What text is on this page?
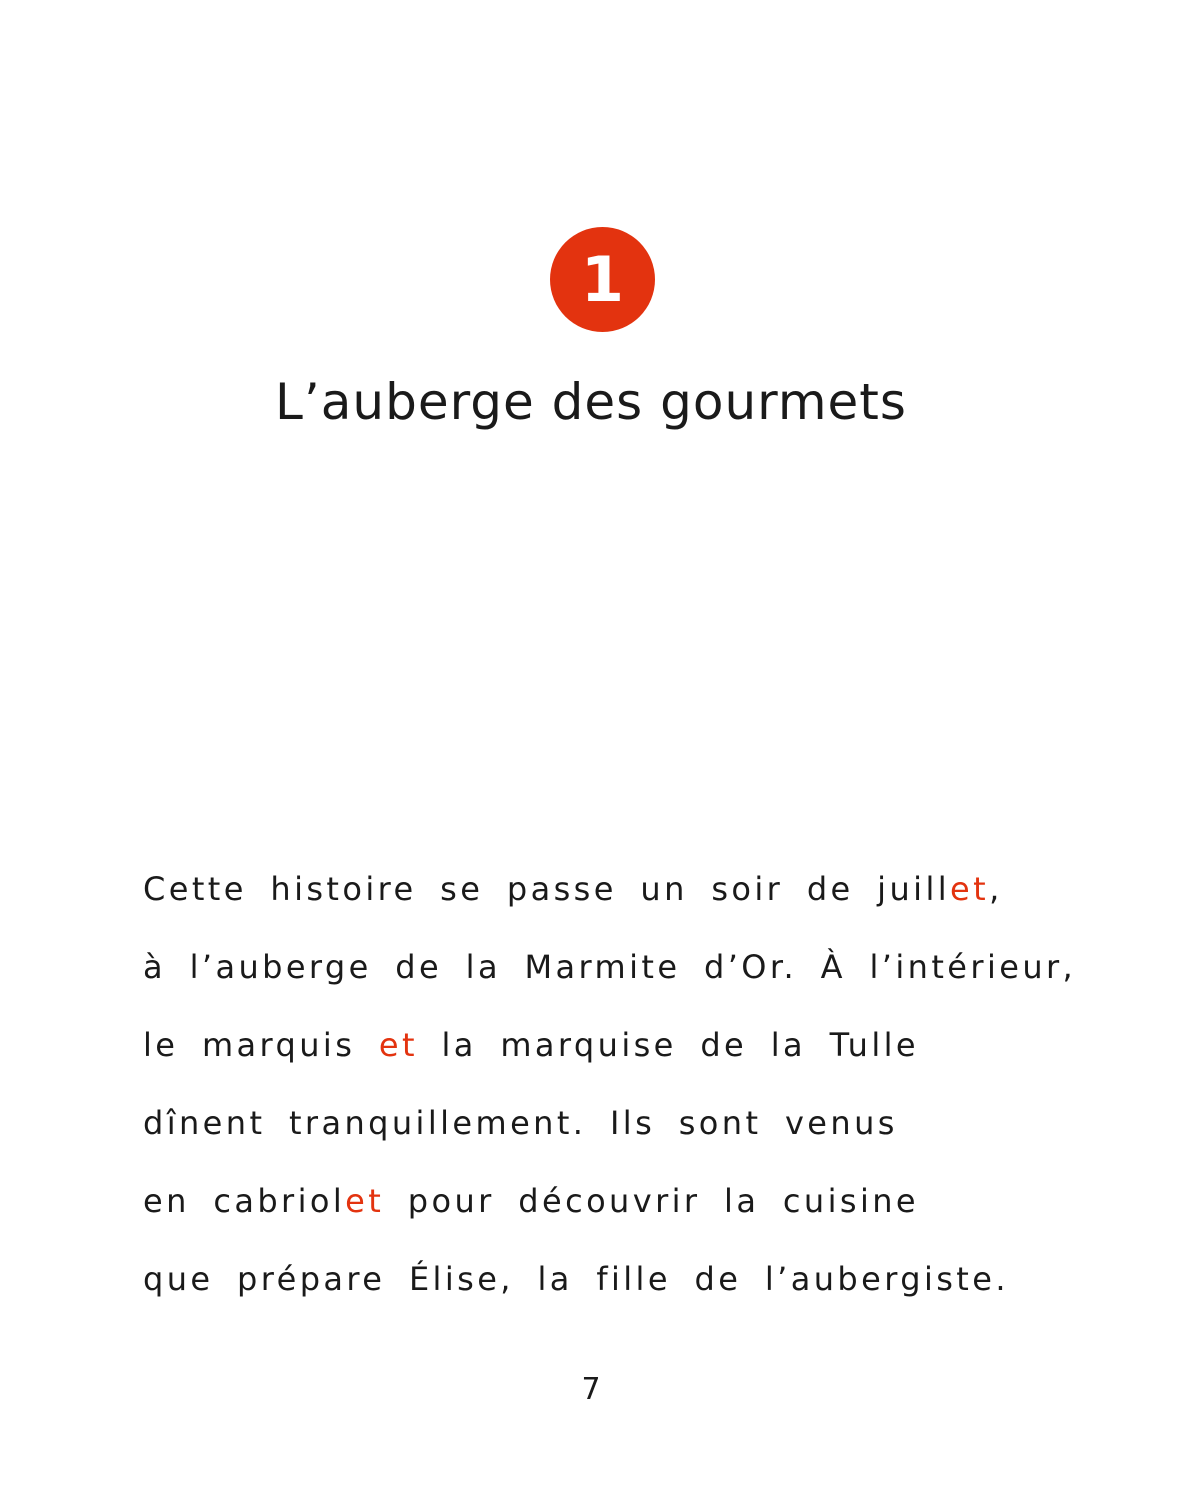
1
L’auberge des gourmets
Cette histoire se passe un soir de juillet,
à l’auberge de la Marmite d’Or. À l’intérieur,
le marquis et la marquise de la Tulle
dînent tranquillement. Ils sont venus
en cabriolet pour découvrir la cuisine
que prépare Élise, la fille de l’aubergiste.
7
